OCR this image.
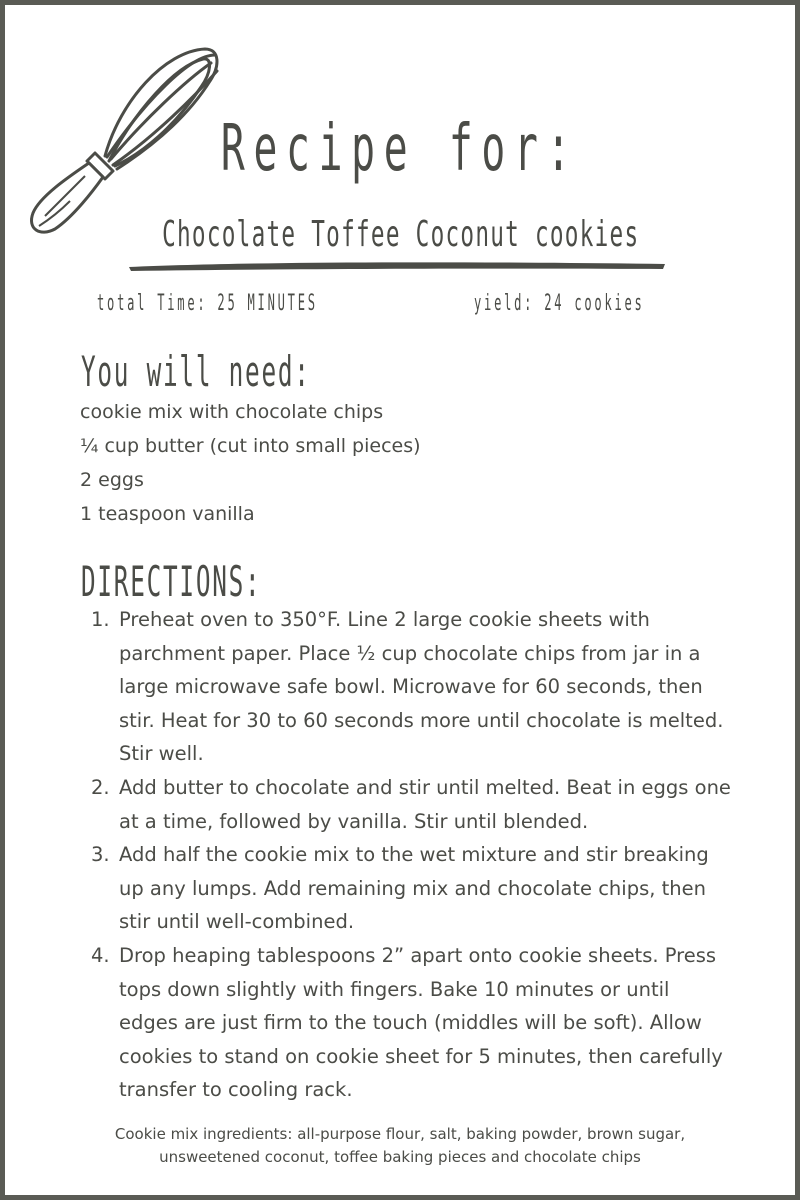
Recipe for:
Chocolate Toffee Coconut cookies
total Time: 25 MINUTES	yield: 24 cookies
You will need:
cookie mix with chocolate chips
¼ cup butter (cut into small pieces)
2 eggs
1 teaspoon vanilla
DIRECTIONS:
1. Preheat oven to 350°F. Line 2 large cookie sheets with parchment paper. Place ½ cup chocolate chips from jar in a large microwave safe bowl. Microwave for 60 seconds, then stir. Heat for 30 to 60 seconds more until chocolate is melted. Stir well.
2. Add butter to chocolate and stir until melted. Beat in eggs one at a time, followed by vanilla. Stir until blended.
3. Add half the cookie mix to the wet mixture and stir breaking up any lumps. Add remaining mix and chocolate chips, then stir until well-combined.
4. Drop heaping tablespoons 2” apart onto cookie sheets. Press tops down slightly with fingers. Bake 10 minutes or until edges are just firm to the touch (middles will be soft). Allow cookies to stand on cookie sheet for 5 minutes, then carefully transfer to cooling rack.
Cookie mix ingredients: all-purpose flour, salt, baking powder, brown sugar,
unsweetened coconut, toffee baking pieces and chocolate chips
